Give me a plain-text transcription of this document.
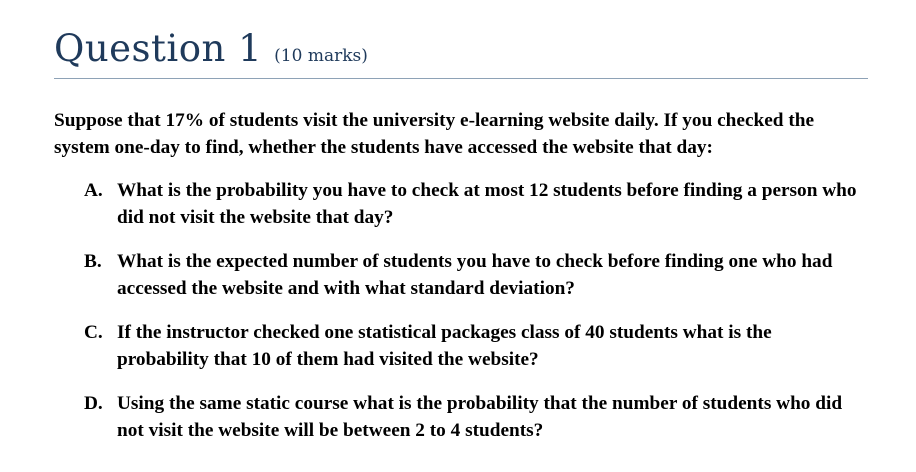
Question 1 (10 marks)

Suppose that 17% of students visit the university e-learning website daily. If you checked the system one-day to find, whether the students have accessed the website that day:

A. What is the probability you have to check at most 12 students before finding a person who did not visit the website that day?
B. What is the expected number of students you have to check before finding one who had accessed the website and with what standard deviation?
C. If the instructor checked one statistical packages class of 40 students what is the probability that 10 of them had visited the website?
D. Using the same static course what is the probability that the number of students who did not visit the website will be between 2 to 4 students?
